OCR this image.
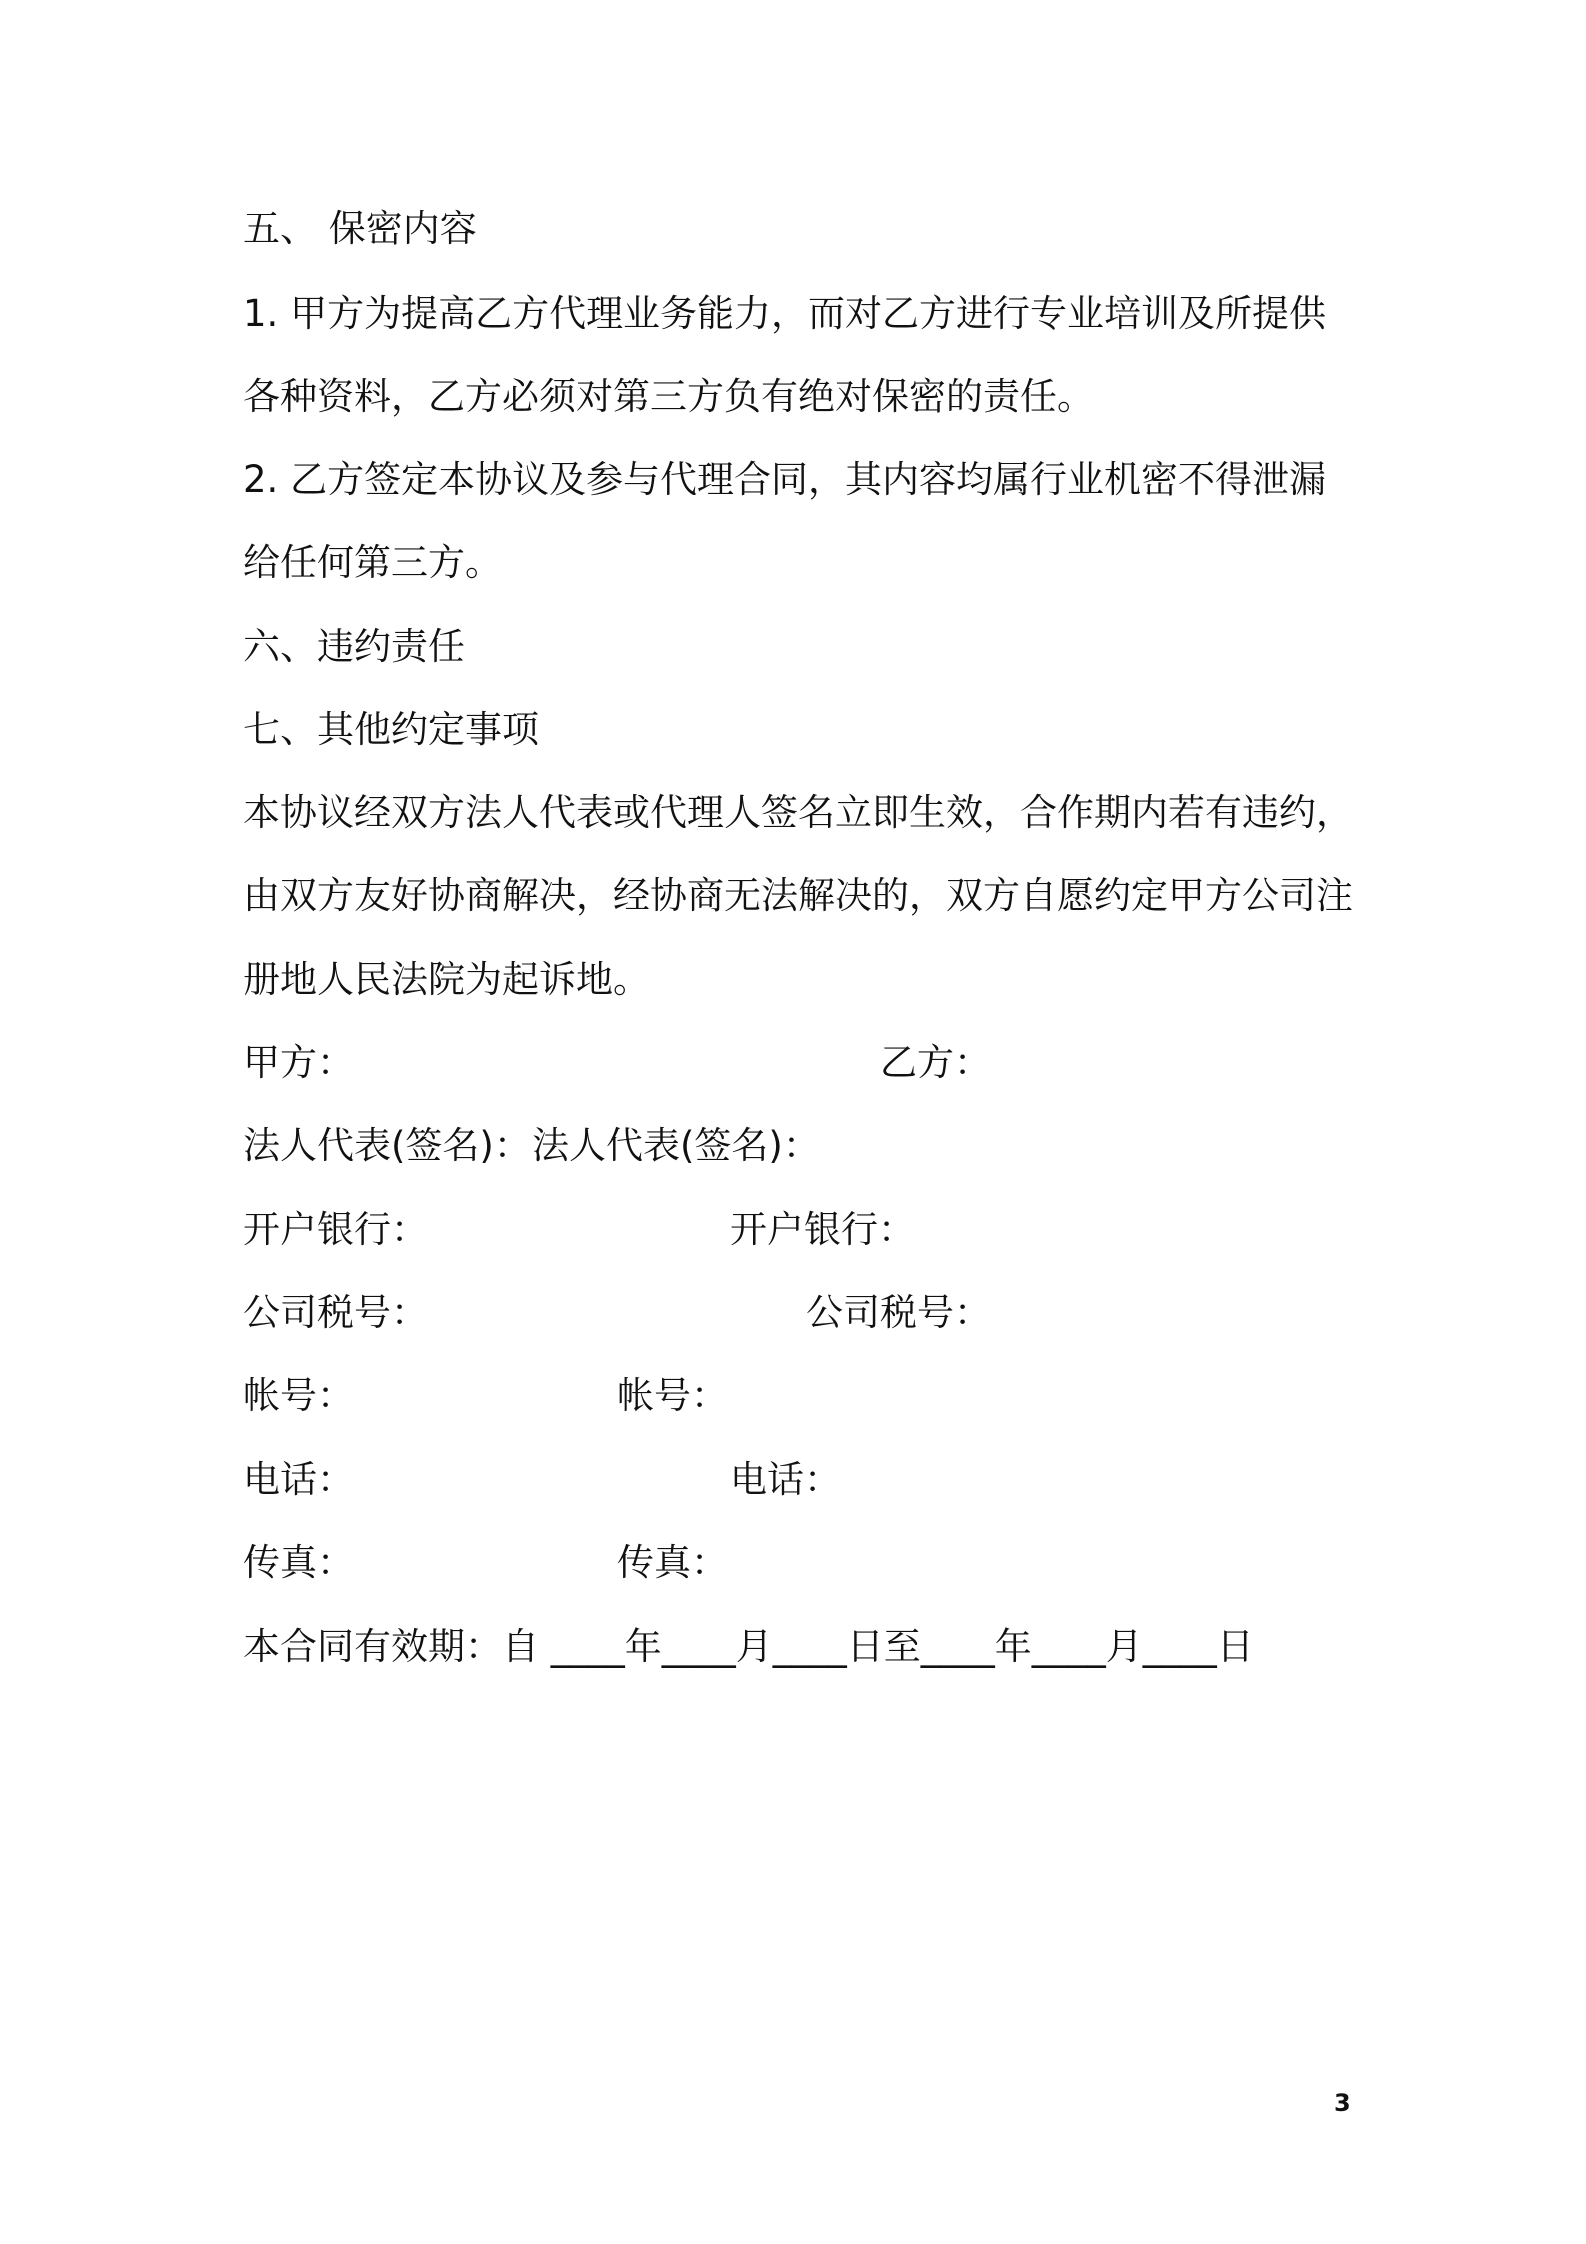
五、 保密内容
1. 甲方为提高乙方代理业务能力，而对乙方进行专业培训及所提供
各种资料，乙方必须对第三方负有绝对保密的责任。
2. 乙方签定本协议及参与代理合同，其内容均属行业机密不得泄漏
给任何第三方。
六、违约责任
七、其他约定事项
本协议经双方法人代表或代理人签名立即生效，合作期内若有违约，
由双方友好协商解决，经协商无法解决的，双方自愿约定甲方公司注
册地人民法院为起诉地。
甲方：	乙方：
法人代表(签名)： 法人代表(签名)：
开户银行：	开户银行：
公司税号：	公司税号：
帐号：	帐号：
电话：	电话：
传真：	传真：
本合同有效期：自 ____年____月____日至____年____月____日
3
